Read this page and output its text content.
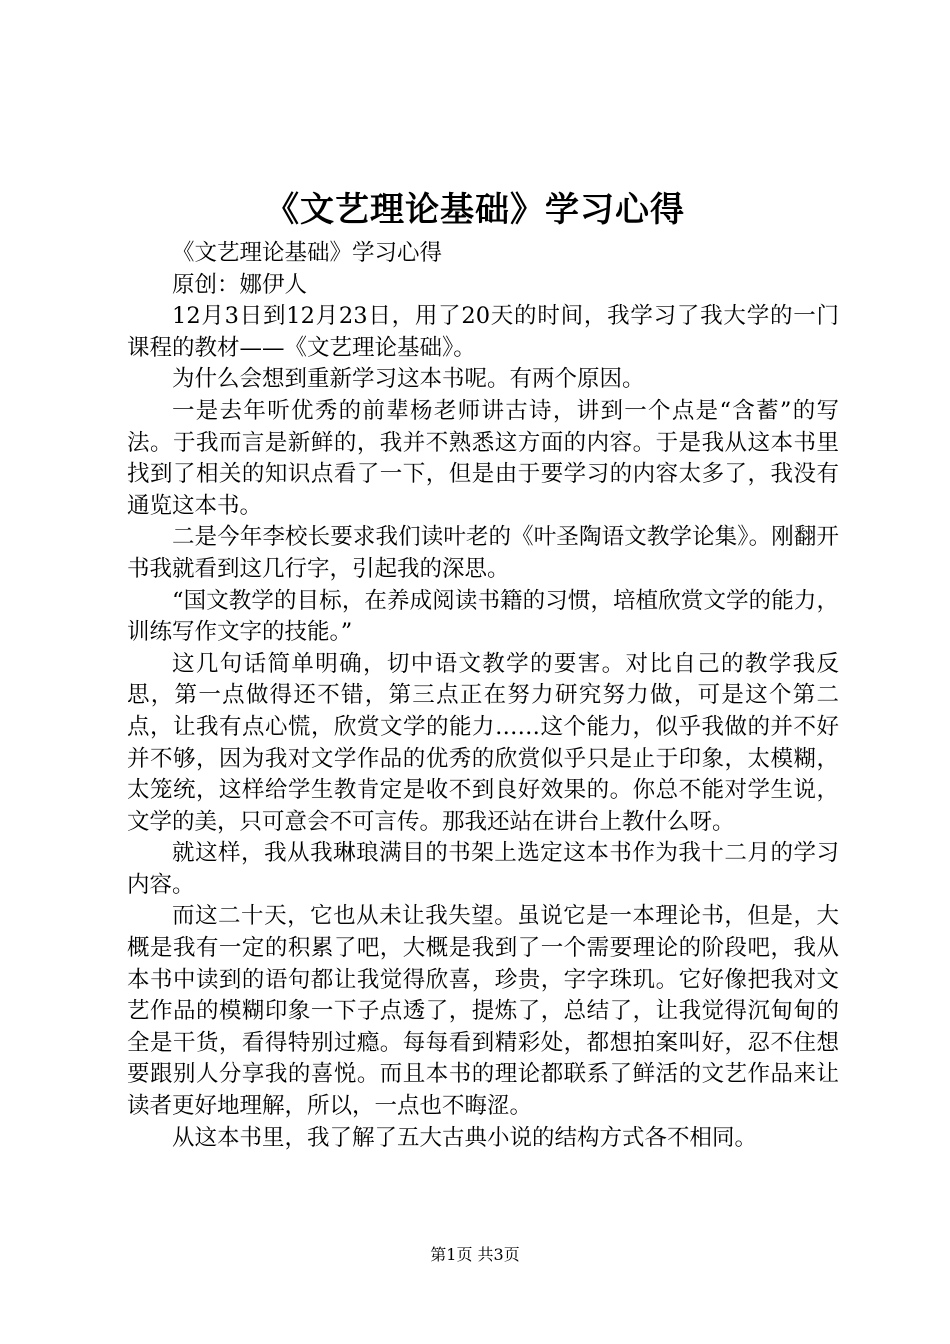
《文艺理论基础》学习心得

《文艺理论基础》学习心得

原创：娜伊人

12月3日到12月23日，用了20天的时间，我学习了我大学的一门课程的教材——《文艺理论基础》。

为什么会想到重新学习这本书呢。有两个原因。

一是去年听优秀的前辈杨老师讲古诗，讲到一个点是“含蓄”的写法。于我而言是新鲜的，我并不熟悉这方面的内容。于是我从这本书里找到了相关的知识点看了一下，但是由于要学习的内容太多了，我没有通览这本书。

二是今年李校长要求我们读叶老的《叶圣陶语文教学论集》。刚翻开书我就看到这几行字，引起我的深思。

“国文教学的目标，在养成阅读书籍的习惯，培植欣赏文学的能力，训练写作文字的技能。”

这几句话简单明确，切中语文教学的要害。对比自己的教学我反思，第一点做得还不错，第三点正在努力研究努力做，可是这个第二点，让我有点心慌，欣赏文学的能力……这个能力，似乎我做的并不好并不够，因为我对文学作品的优秀的欣赏似乎只是止于印象，太模糊，太笼统，这样给学生教肯定是收不到良好效果的。你总不能对学生说，文学的美，只可意会不可言传。那我还站在讲台上教什么呀。

就这样，我从我琳琅满目的书架上选定这本书作为我十二月的学习内容。

而这二十天，它也从未让我失望。虽说它是一本理论书，但是，大概是我有一定的积累了吧，大概是我到了一个需要理论的阶段吧，我从本书中读到的语句都让我觉得欣喜，珍贵，字字珠玑。它好像把我对文艺作品的模糊印象一下子点透了，提炼了，总结了，让我觉得沉甸甸的全是干货，看得特别过瘾。每每看到精彩处，都想拍案叫好，忍不住想要跟别人分享我的喜悦。而且本书的理论都联系了鲜活的文艺作品来让读者更好地理解，所以，一点也不晦涩。

从这本书里，我了解了五大古典小说的结构方式各不相同。

第1页 共3页
